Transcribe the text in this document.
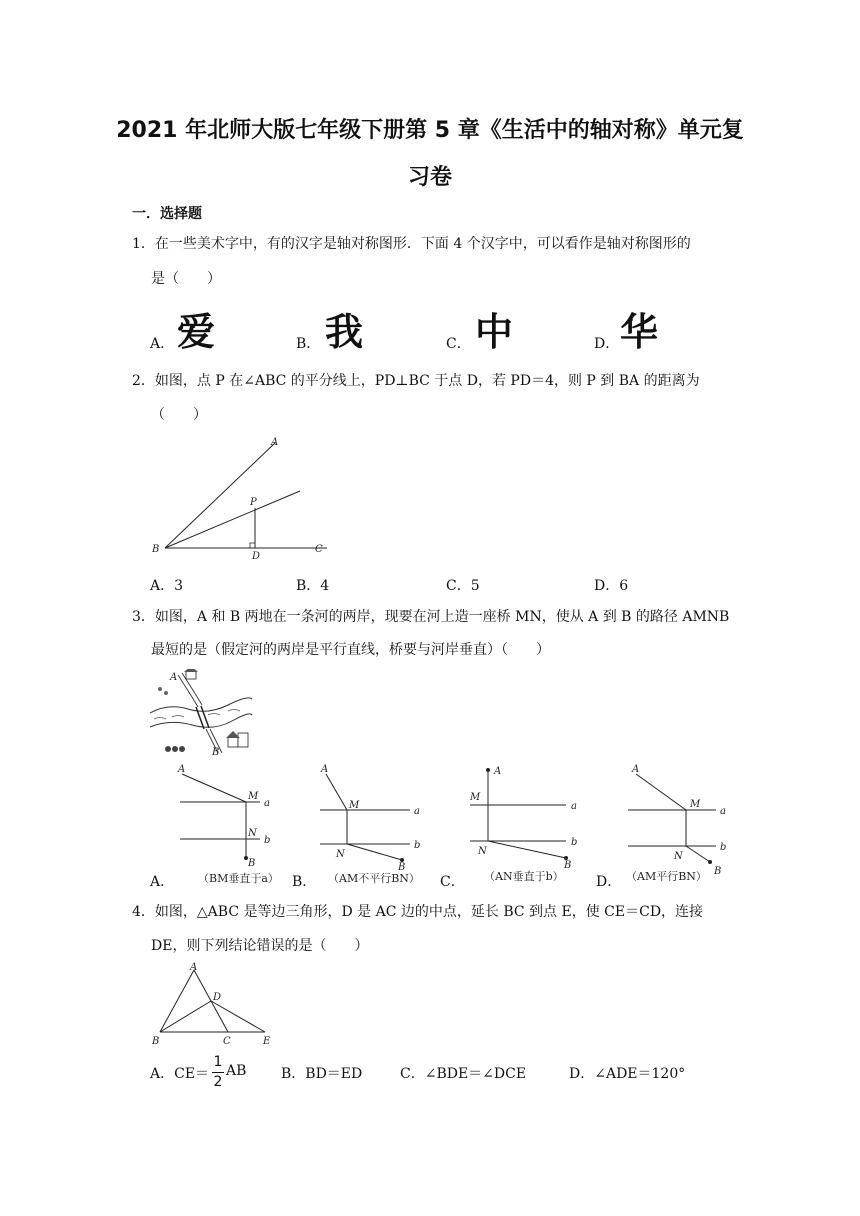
2021 年北师大版七年级下册第 5 章《生活中的轴对称》单元复
习卷
一．选择题
1．在一些美术字中，有的汉字是轴对称图形．下面 4 个汉字中，可以看作是轴对称图形的
是（　　）
A． 爱	B． 我	C． 中	D． 华
2．如图，点 P 在∠ABC 的平分线上，PD⊥BC 于点 D，若 PD＝4，则 P 到 BA 的距离为
（　　）
A
B	C
D
P
A．3	B．4	C．5	D．6
3．如图，A 和 B 两地在一条河的两岸，现要在河上造一座桥 MN，使从 A 到 B 的路径 AMNB
最短的是（假定河的两岸是平行直线，桥要与河岸垂直）（　　）
A
B
A
M
a
N
b
B
（BM垂直于a）
A．
A
M
a
N
b
B
（AM不平行BN）
B．
A
M
a
N
b
B
（AN垂直于b）
C．
A
M
a
N
b
B
（AM平行BN）
D．
4．如图，△ABC 是等边三角形，D 是 AC 边的中点，延长 BC 到点 E，使 CE＝CD，连接
DE，则下列结论错误的是（　　）
A
B	C
D
E
A．CE＝
1
2
AB B．BD＝ED	C．∠BDE＝∠DCE	D．∠ADE＝120°
